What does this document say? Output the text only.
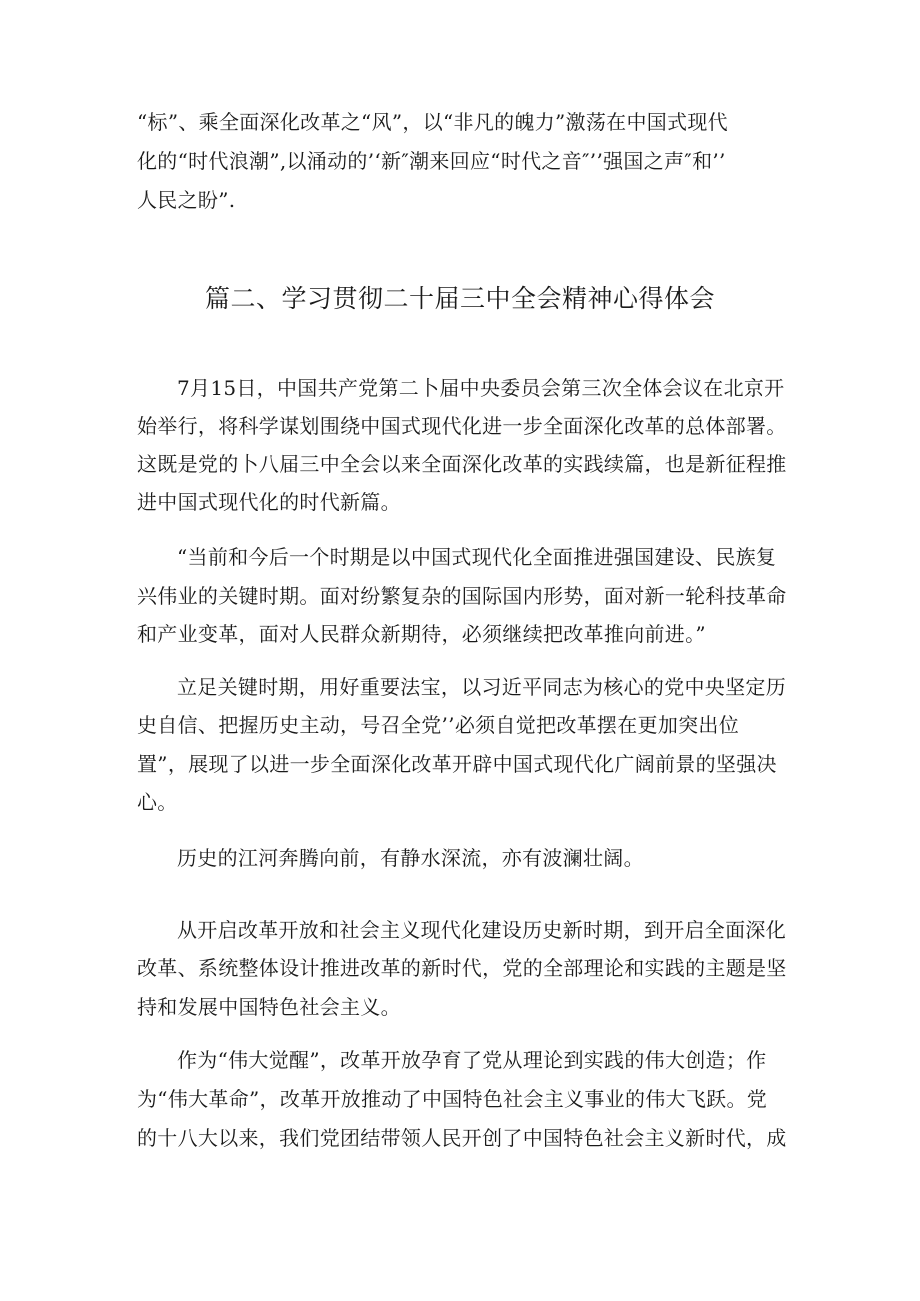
“标”、乘全面深化改革之“风”，以“非凡的魄力”激荡在中国式现代
化的“时代浪潮”,以涌动的’‘新″潮来回应“时代之音″’’强国之声″和’’
人民之盼”.
篇二、学习贯彻二十届三中全会精神心得体会
7月15日，中国共产党第二卜届中央委员会第三次全体会议在北京开
始举行，将科学谋划围绕中国式现代化进一步全面深化改革的总体部署。
这既是党的卜八届三中全会以来全面深化改革的实践续篇，也是新征程推
进中国式现代化的时代新篇。
“当前和今后一个时期是以中国式现代化全面推进强国建设、民族复
兴伟业的关键时期。面对纷繁复杂的国际国内形势，面对新一轮科技革命
和产业变革，面对人民群众新期待，必须继续把改革推向前进。”
立足关键时期，用好重要法宝，以习近平同志为核心的党中央坚定历
史自信、把握历史主动，号召全党’’必须自觉把改革摆在更加突出位
置”，展现了以进一步全面深化改革开辟中国式现代化广阔前景的坚强决
心。
历史的江河奔腾向前，有静水深流，亦有波澜壮阔。
从开启改革开放和社会主义现代化建设历史新时期，到开启全面深化
改革、系统整体设计推进改革的新时代，党的全部理论和实践的主题是坚
持和发展中国特色社会主义。
作为“伟大觉醒”，改革开放孕育了党从理论到实践的伟大创造；作
为“伟大革命”，改革开放推动了中国特色社会主义事业的伟大飞跃。党
的十八大以来，我们党团结带领人民开创了中国特色社会主义新时代，成
